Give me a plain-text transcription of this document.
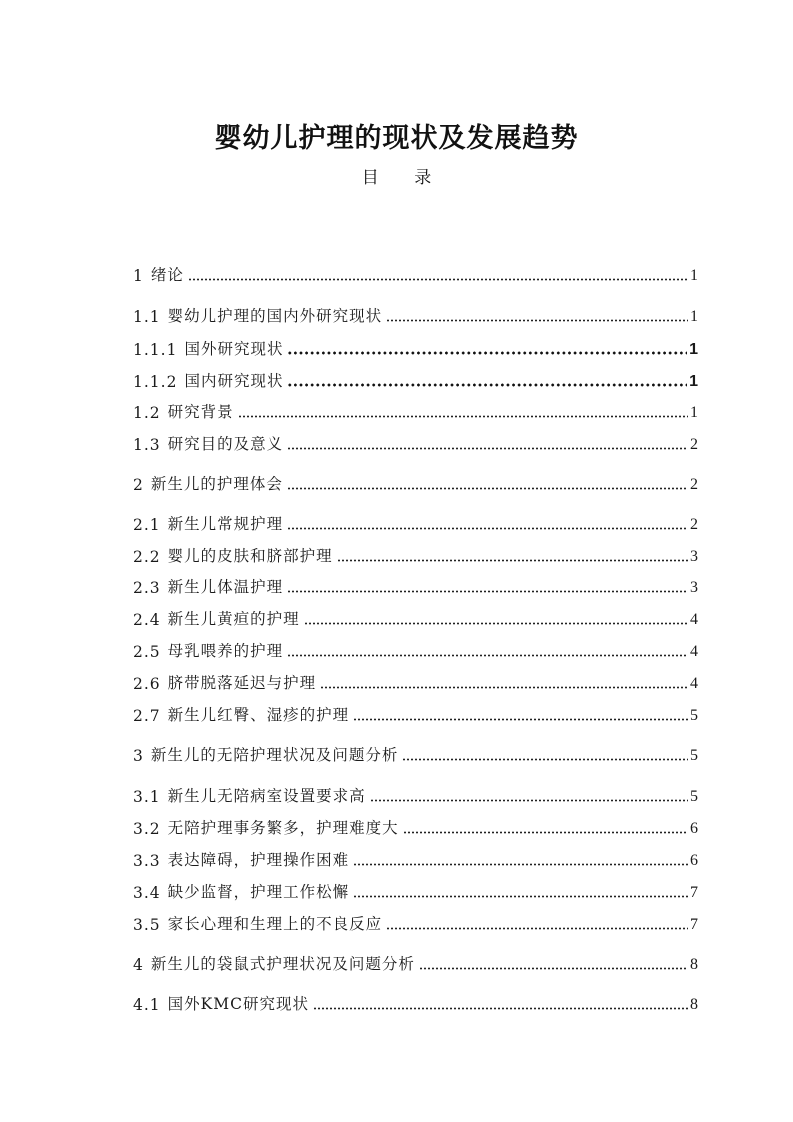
婴幼儿护理的现状及发展趋势
目 录
1 绪论	1
1.1 婴幼儿护理的国内外研究现状	1
1.1.1 国外研究现状	1
1.1.2 国内研究现状	1
1.2 研究背景	1
1.3 研究目的及意义	2
2 新生儿的护理体会	2
2.1 新生儿常规护理	2
2.2 婴儿的皮肤和脐部护理	3
2.3 新生儿体温护理	3
2.4 新生儿黄疸的护理	4
2.5 母乳喂养的护理	4
2.6 脐带脱落延迟与护理	4
2.7 新生儿红臀、湿疹的护理	5
3 新生儿的无陪护理状况及问题分析	5
3.1 新生儿无陪病室设置要求高	5
3.2 无陪护理事务繁多，护理难度大	6
3.3 表达障碍，护理操作困难	6
3.4 缺少监督，护理工作松懈	7
3.5 家长心理和生理上的不良反应	7
4 新生儿的袋鼠式护理状况及问题分析	8
4.1 国外KMC研究现状	8
